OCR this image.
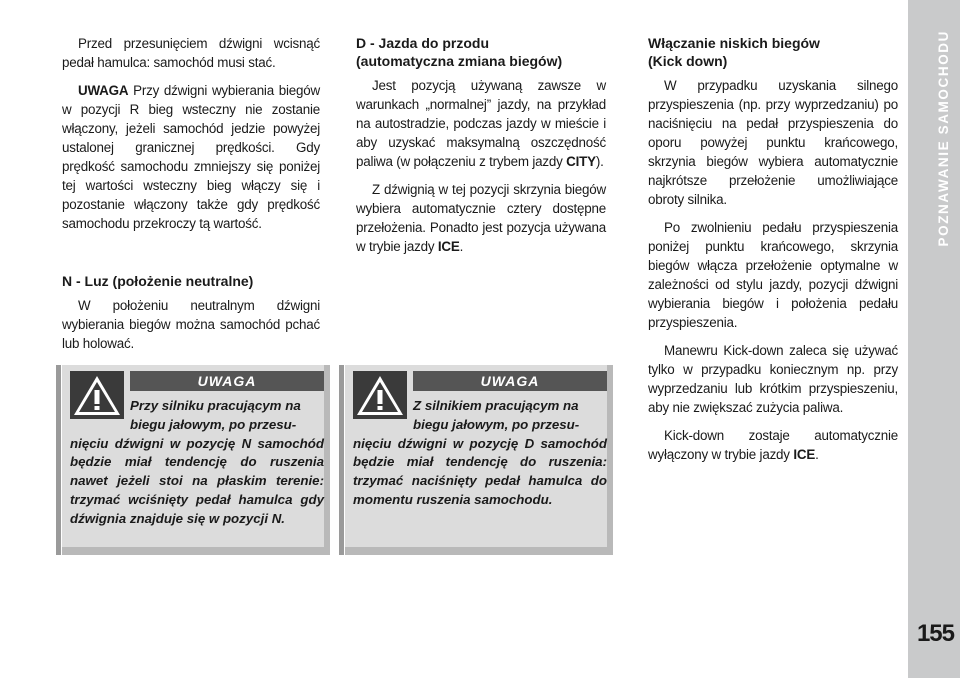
POZNAWANIE SAMOCHODU
155

Przed przesunięciem dźwigni wcisnąć pedał hamulca: samochód musi stać.

UWAGA Przy dźwigni wybierania biegów w pozycji R bieg wsteczny nie zostanie włączony, jeżeli samochód jedzie powyżej ustalonej granicznej prędkości. Gdy prędkość samochodu zmniejszy się poniżej tej wartości wsteczny bieg włączy się i pozostanie włączony także gdy prędkość samochodu przekroczy tą wartość.

N - Luz (położenie neutralne)

W położeniu neutralnym dźwigni wybierania biegów można samochód pchać lub holować.

D - Jazda do przodu
(automatyczna zmiana biegów)

Jest pozycją używaną zawsze w warunkach „normalnej” jazdy, na przykład na autostradzie, podczas jazdy w mieście i aby uzyskać maksymalną oszczędność paliwa (w połączeniu z trybem jazdy CITY).

Z dźwignią w tej pozycji skrzynia biegów wybiera automatycznie cztery dostępne przełożenia. Ponadto jest pozycja używana w trybie jazdy ICE.

Włączanie niskich biegów
(Kick down)

W przypadku uzyskania silnego przyspieszenia (np. przy wyprzedzaniu) po naciśnięciu na pedał przyspieszenia do oporu powyżej punktu krańcowego, skrzynia biegów wybiera automatycznie najkrótsze przełożenie umożliwiające obroty silnika.

Po zwolnieniu pedału przyspieszenia poniżej punktu krańcowego, skrzynia biegów włącza przełożenie optymalne w zależności od stylu jazdy, pozycji dźwigni wybierania biegów i położenia pedału przyspieszenia.

Manewru Kick-down zaleca się używać tylko w przypadku koniecznym np. przy wyprzedzaniu lub krótkim przyspieszeniu, aby nie zwiększać zużycia paliwa.

Kick-down zostaje automatycznie wyłączony w trybie jazdy ICE.

UWAGA
Przy silniku pracującym na
biegu jałowym, po przesu-
nięciu dźwigni w pozycję N samochód będzie miał tendencję do ruszenia nawet jeżeli stoi na płaskim terenie: trzymać wciśnięty pedał hamulca gdy dźwignia znajduje się w pozycji N.
UWAGA
Z silnikiem pracującym na
biegu jałowym, po przesu-
nięciu dźwigni w pozycję D samochód będzie miał tendencję do ruszenia: trzymać naciśnięty pedał hamulca do momentu ruszenia samochodu.
